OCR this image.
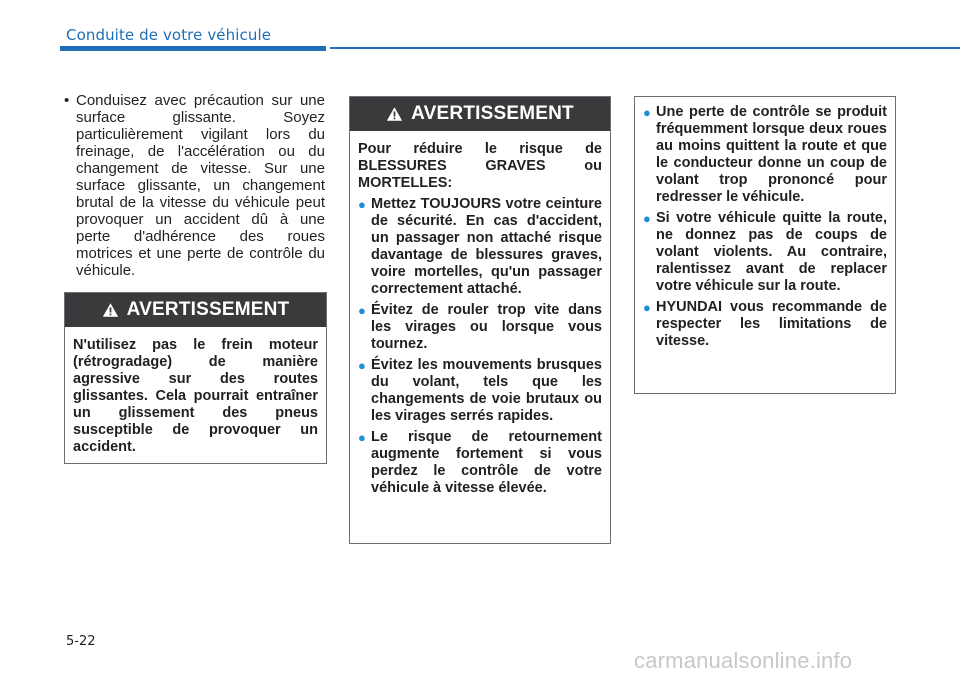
Conduite de votre véhicule
• Conduisez avec précaution sur une surface glissante. Soyez particulièrement vigilant lors du freinage, de l'accélération ou du changement de vitesse. Sur une surface glissante, un changement brutal de la vitesse du véhicule peut provoquer un accident dû à une perte d'adhérence des roues motrices et une perte de contrôle du véhicule.
AVERTISSEMENT
N'utilisez pas le frein moteur (rétrogradage) de manière agressive sur des routes glissantes. Cela pourrait entraîner un glissement des pneus susceptible de provoquer un accident.
AVERTISSEMENT
Pour réduire le risque de BLESSURES GRAVES ou MORTELLES:
● Mettez TOUJOURS votre ceinture de sécurité. En cas d'accident, un passager non attaché risque davantage de blessures graves, voire mortelles, qu'un passager correctement attaché.
● Évitez de rouler trop vite dans les virages ou lorsque vous tournez.
● Évitez les mouvements brusques du volant, tels que les changements de voie brutaux ou les virages serrés rapides.
● Le risque de retournement augmente fortement si vous perdez le contrôle de votre véhicule à vitesse élevée.
● Une perte de contrôle se produit fréquemment lorsque deux roues au moins quittent la route et que le conducteur donne un coup de volant trop prononcé pour redresser le véhicule.
● Si votre véhicule quitte la route, ne donnez pas de coups de volant violents. Au contraire, ralentissez avant de replacer votre véhicule sur la route.
● HYUNDAI vous recommande de respecter les limitations de vitesse.
5-22
carmanualsonline.info
